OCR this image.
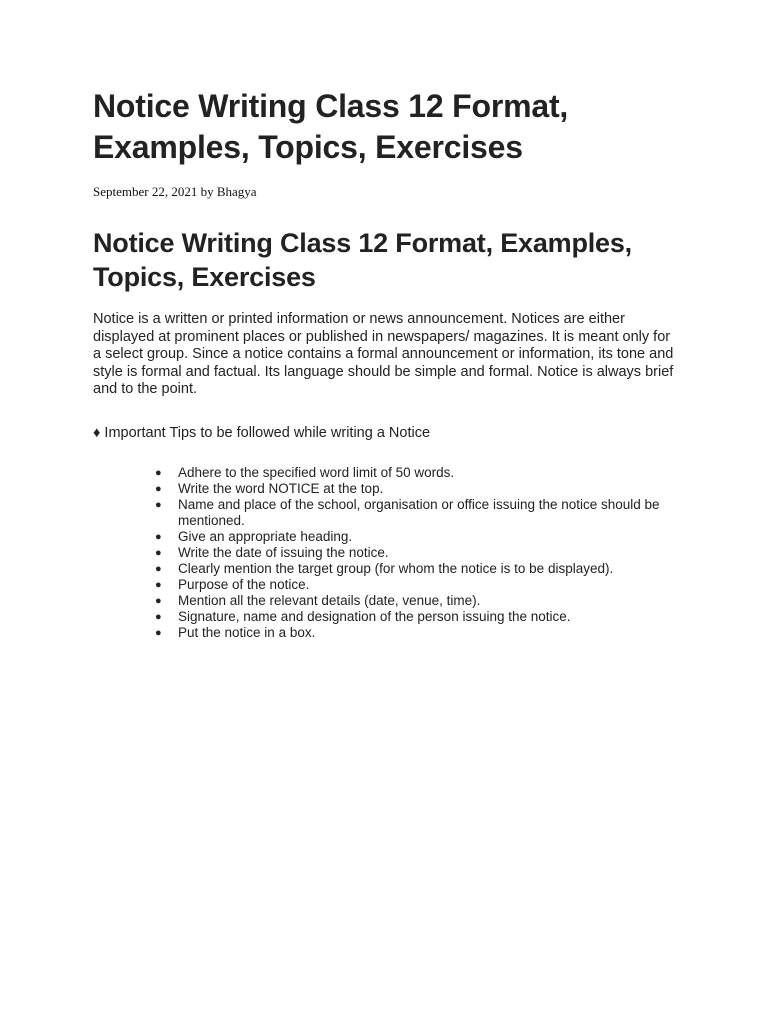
Notice Writing Class 12 Format, Examples, Topics, Exercises

September 22, 2021 by Bhagya

Notice Writing Class 12 Format, Examples, Topics, Exercises

Notice is a written or printed information or news announcement. Notices are either displayed at prominent places or published in newspapers/ magazines. It is meant only for a select group. Since a notice contains a formal announcement or information, its tone and style is formal and factual. Its language should be simple and formal. Notice is always brief and to the point.

♦ Important Tips to be followed while writing a Notice

● Adhere to the specified word limit of 50 words.
● Write the word NOTICE at the top.
● Name and place of the school, organisation or office issuing the notice should be mentioned.
● Give an appropriate heading.
● Write the date of issuing the notice.
● Clearly mention the target group (for whom the notice is to be displayed).
● Purpose of the notice.
● Mention all the relevant details (date, venue, time).
● Signature, name and designation of the person issuing the notice.
● Put the notice in a box.
